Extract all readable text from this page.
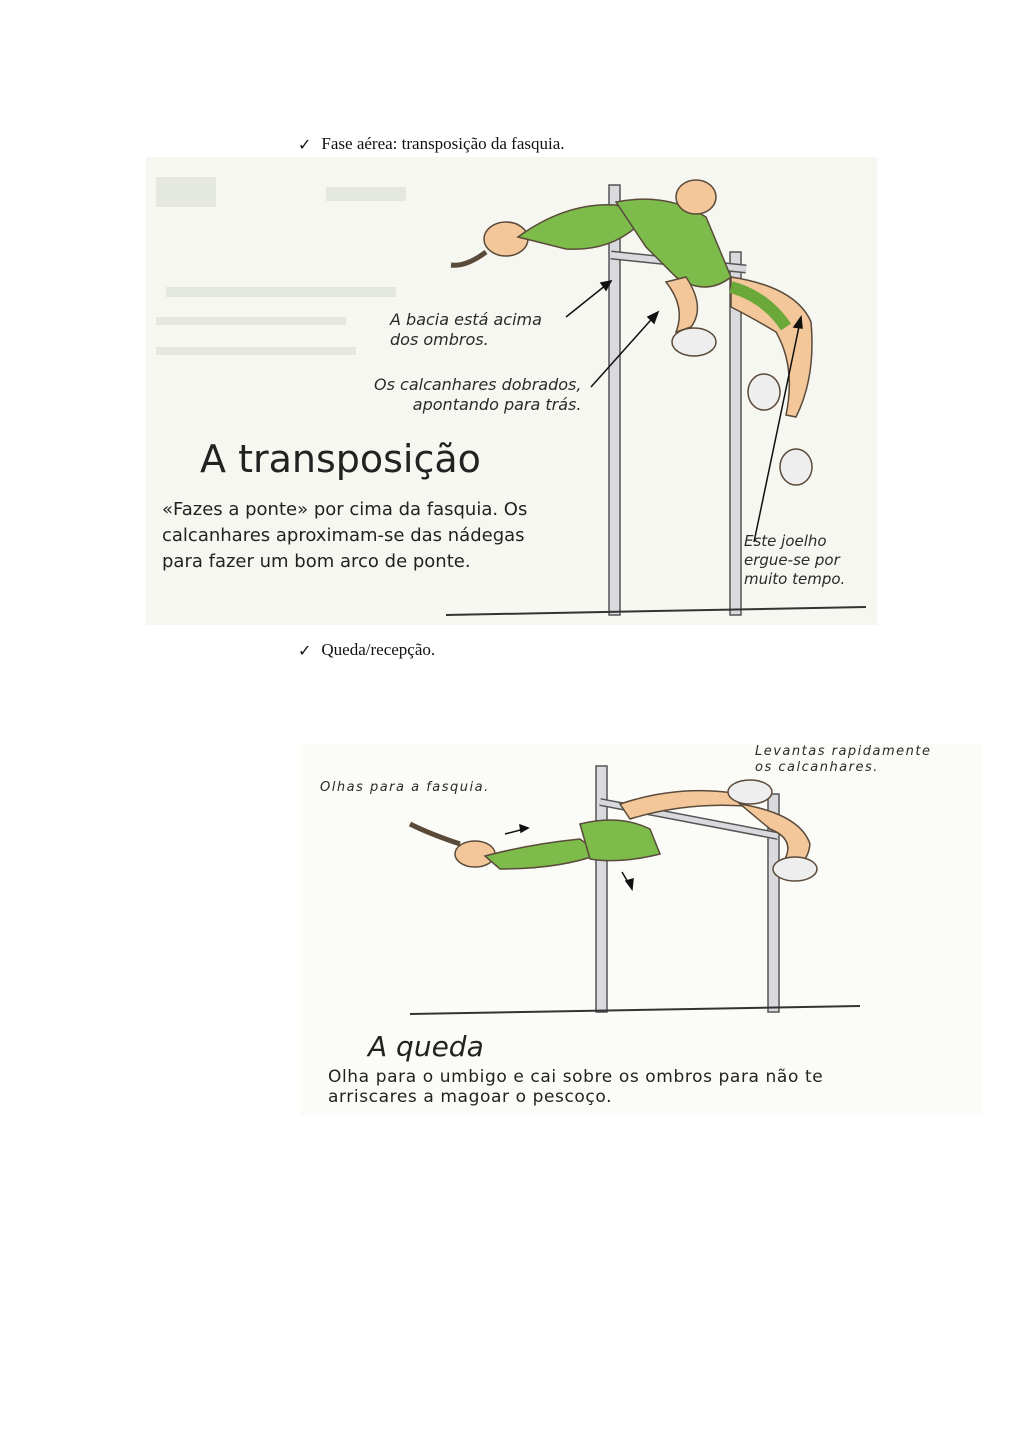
✓ Fase aérea: transposição da fasquia.
A bacia está acima
dos ombros.
Os calcanhares dobrados,
apontando para trás.
A transposição
«Fazes a ponte» por cima da fasquia. Os
calcanhares aproximam-se das nádegas
para fazer um bom arco de ponte.
Este joelho
ergue-se por
muito tempo.
✓ Queda/recepção.
Olhas para a fasquia.
Levantas rapidamente
os calcanhares.
A queda
Olha para o umbigo e cai sobre os ombros para não te
arriscares a magoar o pescoço.
